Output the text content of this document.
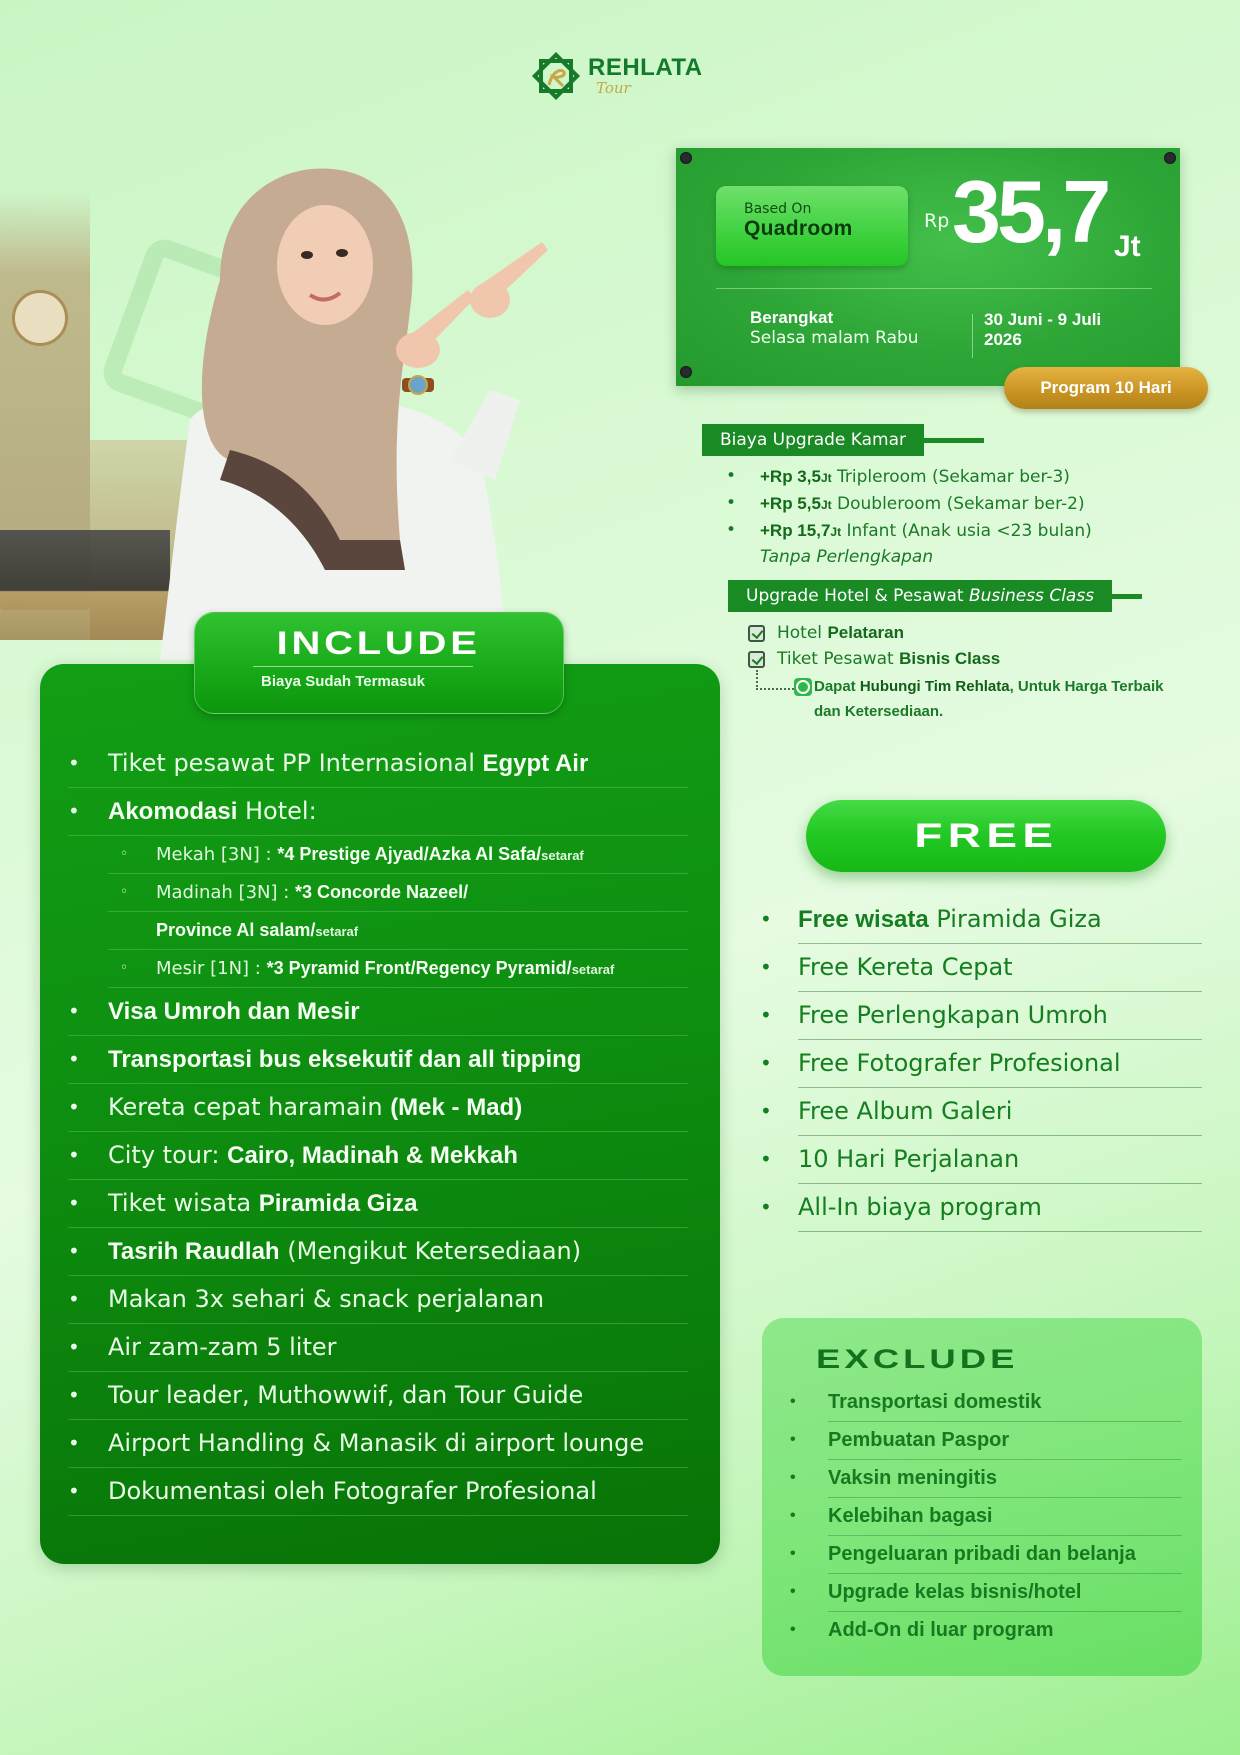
REHLATA
Tour
Based On
Quadroom	Rp 35,7 Jt
Berangkat
Selasa malam Rabu
30 Juni - 9 Juli
2026
Program 10 Hari
Biaya Upgrade Kamar
• +Rp 3,5Jt Tripleroom (Sekamar ber-3)
• +Rp 5,5Jt Doubleroom (Sekamar ber-2)
• +Rp 15,7Jt Infant (Anak usia <23 bulan)
Tanpa Perlengkapan
Upgrade Hotel & Pesawat Business Class
Hotel Pelataran
Tiket Pesawat Bisnis Class
Dapat Hubungi Tim Rehlata, Untuk Harga Terbaik dan Ketersediaan.
INCLUDE
Biaya Sudah Termasuk
• Tiket pesawat PP Internasional Egypt Air
• Akomodasi Hotel:
◦ Mekah [3N] : *4 Prestige Ajyad/Azka Al Safa/setaraf
◦ Madinah [3N] : *3 Concorde Nazeel/
Province Al salam/setaraf
◦ Mesir [1N] : *3 Pyramid Front/Regency Pyramid/setaraf
• Visa Umroh dan Mesir
• Transportasi bus eksekutif dan all tipping
• Kereta cepat haramain (Mek - Mad)
• City tour: Cairo, Madinah & Mekkah
• Tiket wisata Piramida Giza
• Tasrih Raudlah (Mengikut Ketersediaan)
• Makan 3x sehari & snack perjalanan
• Air zam-zam 5 liter
• Tour leader, Muthowwif, dan Tour Guide
• Airport Handling & Manasik di airport lounge
• Dokumentasi oleh Fotografer Profesional
FREE
• Free wisata Piramida Giza
• Free Kereta Cepat
• Free Perlengkapan Umroh
• Free Fotografer Profesional
• Free Album Galeri
• 10 Hari Perjalanan
• All-In biaya program
EXCLUDE
• Transportasi domestik
• Pembuatan Paspor
• Vaksin meningitis
• Kelebihan bagasi
• Pengeluaran pribadi dan belanja
• Upgrade kelas bisnis/hotel
• Add-On di luar program
